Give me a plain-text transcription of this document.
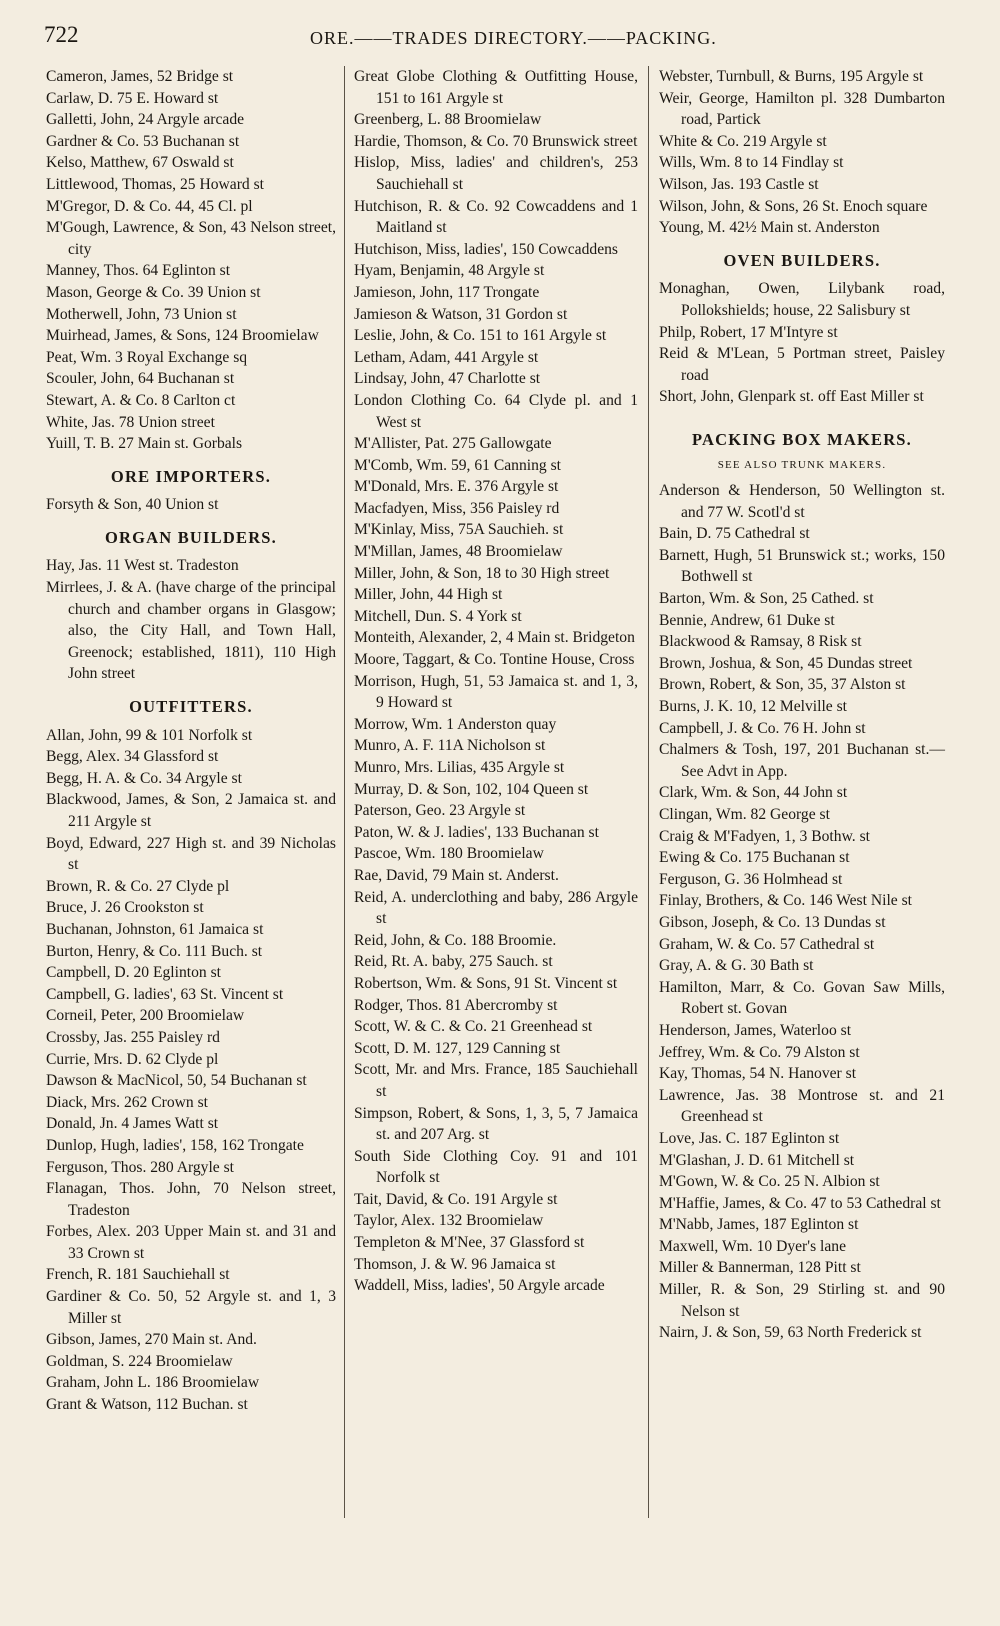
722	ORE.——TRADES DIRECTORY.——PACKING.

Cameron, James, 52 Bridge st

Carlaw, D. 75 E. Howard st

Galletti, John, 24 Argyle arcade

Gardner & Co. 53 Buchanan st

Kelso, Matthew, 67 Oswald st

Littlewood, Thomas, 25 Howard st

M'Gregor, D. & Co. 44, 45 Cl. pl

M'Gough, Lawrence, & Son, 43 Nelson street, city

Manney, Thos. 64 Eglinton st

Mason, George & Co. 39 Union st

Motherwell, John, 73 Union st

Muirhead, James, & Sons, 124 Broomielaw

Peat, Wm. 3 Royal Exchange sq

Scouler, John, 64 Buchanan st

Stewart, A. & Co. 8 Carlton ct

White, Jas. 78 Union street

Yuill, T. B. 27 Main st. Gorbals

ORE IMPORTERS.

Forsyth & Son, 40 Union st

ORGAN BUILDERS.

Hay, Jas. 11 West st. Tradeston

Mirrlees, J. & A. (have charge of the principal church and chamber organs in Glasgow; also, the City Hall, and Town Hall, Greenock; established, 1811), 110 High John street

OUTFITTERS.

Allan, John, 99 & 101 Norfolk st

Begg, Alex. 34 Glassford st

Begg, H. A. & Co. 34 Argyle st

Blackwood, James, & Son, 2 Jamaica st. and 211 Argyle st

Boyd, Edward, 227 High st. and 39 Nicholas st

Brown, R. & Co. 27 Clyde pl

Bruce, J. 26 Crookston st

Buchanan, Johnston, 61 Jamaica st

Burton, Henry, & Co. 111 Buch. st

Campbell, D. 20 Eglinton st

Campbell, G. ladies', 63 St. Vincent st

Corneil, Peter, 200 Broomielaw

Crossby, Jas. 255 Paisley rd

Currie, Mrs. D. 62 Clyde pl

Dawson & MacNicol, 50, 54 Buchanan st

Diack, Mrs. 262 Crown st

Donald, Jn. 4 James Watt st

Dunlop, Hugh, ladies', 158, 162 Trongate

Ferguson, Thos. 280 Argyle st

Flanagan, Thos. John, 70 Nelson street, Tradeston

Forbes, Alex. 203 Upper Main st. and 31 and 33 Crown st

French, R. 181 Sauchiehall st

Gardiner & Co. 50, 52 Argyle st. and 1, 3 Miller st

Gibson, James, 270 Main st. And.

Goldman, S. 224 Broomielaw

Graham, John L. 186 Broomielaw

Grant & Watson, 112 Buchan. st

Great Globe Clothing & Outfitting House, 151 to 161 Argyle st

Greenberg, L. 88 Broomielaw

Hardie, Thomson, & Co. 70 Brunswick street

Hislop, Miss, ladies' and children's, 253 Sauchiehall st

Hutchison, R. & Co. 92 Cowcaddens and 1 Maitland st

Hutchison, Miss, ladies', 150 Cowcaddens

Hyam, Benjamin, 48 Argyle st

Jamieson, John, 117 Trongate

Jamieson & Watson, 31 Gordon st

Leslie, John, & Co. 151 to 161 Argyle st

Letham, Adam, 441 Argyle st

Lindsay, John, 47 Charlotte st

London Clothing Co. 64 Clyde pl. and 1 West st

M'Allister, Pat. 275 Gallowgate

M'Comb, Wm. 59, 61 Canning st

M'Donald, Mrs. E. 376 Argyle st

Macfadyen, Miss, 356 Paisley rd

M'Kinlay, Miss, 75A Sauchieh. st

M'Millan, James, 48 Broomielaw

Miller, John, & Son, 18 to 30 High street

Miller, John, 44 High st

Mitchell, Dun. S. 4 York st

Monteith, Alexander, 2, 4 Main st. Bridgeton

Moore, Taggart, & Co. Tontine House, Cross

Morrison, Hugh, 51, 53 Jamaica st. and 1, 3, 9 Howard st

Morrow, Wm. 1 Anderston quay

Munro, A. F. 11A Nicholson st

Munro, Mrs. Lilias, 435 Argyle st

Murray, D. & Son, 102, 104 Queen st

Paterson, Geo. 23 Argyle st

Paton, W. & J. ladies', 133 Buchanan st

Pascoe, Wm. 180 Broomielaw

Rae, David, 79 Main st. Anderst.

Reid, A. underclothing and baby, 286 Argyle st

Reid, John, & Co. 188 Broomie.

Reid, Rt. A. baby, 275 Sauch. st

Robertson, Wm. & Sons, 91 St. Vincent st

Rodger, Thos. 81 Abercromby st

Scott, W. & C. & Co. 21 Greenhead st

Scott, D. M. 127, 129 Canning st

Scott, Mr. and Mrs. France, 185 Sauchiehall st

Simpson, Robert, & Sons, 1, 3, 5, 7 Jamaica st. and 207 Arg. st

South Side Clothing Coy. 91 and 101 Norfolk st

Tait, David, & Co. 191 Argyle st

Taylor, Alex. 132 Broomielaw

Templeton & M'Nee, 37 Glassford st

Thomson, J. & W. 96 Jamaica st

Waddell, Miss, ladies', 50 Argyle arcade

Webster, Turnbull, & Burns, 195 Argyle st

Weir, George, Hamilton pl. 328 Dumbarton road, Partick

White & Co. 219 Argyle st

Wills, Wm. 8 to 14 Findlay st

Wilson, Jas. 193 Castle st

Wilson, John, & Sons, 26 St. Enoch square

Young, M. 42½ Main st. Anderston

OVEN BUILDERS.

Monaghan, Owen, Lilybank road, Pollokshields; house, 22 Salisbury st

Philp, Robert, 17 M'Intyre st

Reid & M'Lean, 5 Portman street, Paisley road

Short, John, Glenpark st. off East Miller st

PACKING BOX MAKERS.

SEE ALSO TRUNK MAKERS.

Anderson & Henderson, 50 Wellington st. and 77 W. Scotl'd st

Bain, D. 75 Cathedral st

Barnett, Hugh, 51 Brunswick st.; works, 150 Bothwell st

Barton, Wm. & Son, 25 Cathed. st

Bennie, Andrew, 61 Duke st

Blackwood & Ramsay, 8 Risk st

Brown, Joshua, & Son, 45 Dundas street

Brown, Robert, & Son, 35, 37 Alston st

Burns, J. K. 10, 12 Melville st

Campbell, J. & Co. 76 H. John st

Chalmers & Tosh, 197, 201 Buchanan st.—See Advt in App.

Clark, Wm. & Son, 44 John st

Clingan, Wm. 82 George st

Craig & M'Fadyen, 1, 3 Bothw. st

Ewing & Co. 175 Buchanan st

Ferguson, G. 36 Holmhead st

Finlay, Brothers, & Co. 146 West Nile st

Gibson, Joseph, & Co. 13 Dundas st

Graham, W. & Co. 57 Cathedral st

Gray, A. & G. 30 Bath st

Hamilton, Marr, & Co. Govan Saw Mills, Robert st. Govan

Henderson, James, Waterloo st

Jeffrey, Wm. & Co. 79 Alston st

Kay, Thomas, 54 N. Hanover st

Lawrence, Jas. 38 Montrose st. and 21 Greenhead st

Love, Jas. C. 187 Eglinton st

M'Glashan, J. D. 61 Mitchell st

M'Gown, W. & Co. 25 N. Albion st

M'Haffie, James, & Co. 47 to 53 Cathedral st

M'Nabb, James, 187 Eglinton st

Maxwell, Wm. 10 Dyer's lane

Miller & Bannerman, 128 Pitt st

Miller, R. & Son, 29 Stirling st. and 90 Nelson st

Nairn, J. & Son, 59, 63 North Frederick st
